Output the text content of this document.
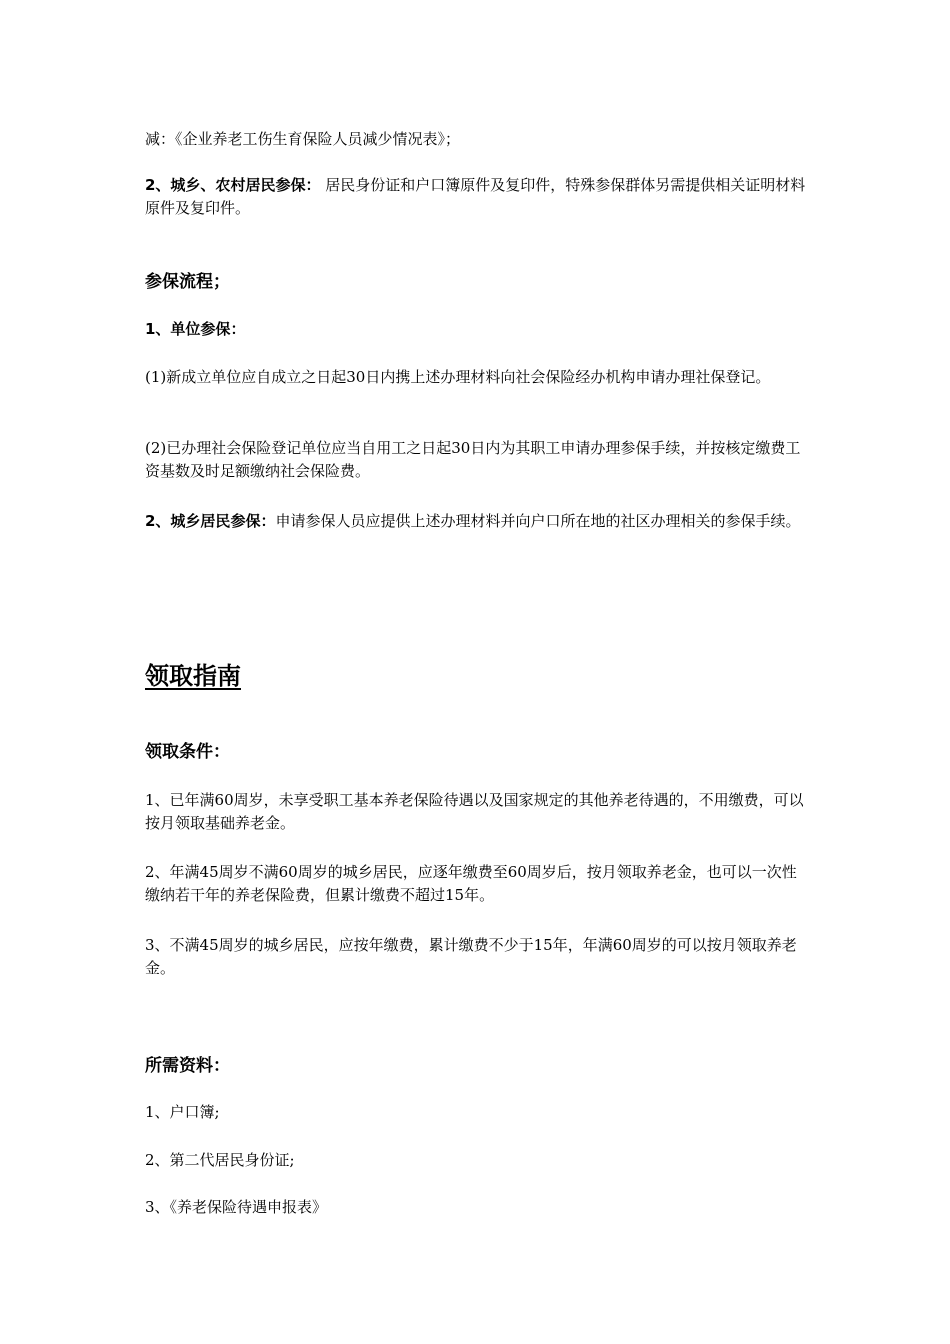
减：《企业养老工伤生育保险人员减少情况表》；

2、城乡、农村居民参保： 居民身份证和户口簿原件及复印件，特殊参保群体另需提供相关证明材料原件及复印件。

参保流程；

1、单位参保：

(1)新成立单位应自成立之日起30日内携上述办理材料向社会保险经办机构申请办理社保登记。

(2)已办理社会保险登记单位应当自用工之日起30日内为其职工申请办理参保手续，并按核定缴费工资基数及时足额缴纳社会保险费。

2、城乡居民参保：申请参保人员应提供上述办理材料并向户口所在地的社区办理相关的参保手续。

领取指南
领取条件：

1、已年满60周岁，未享受职工基本养老保险待遇以及国家规定的其他养老待遇的，不用缴费，可以按月领取基础养老金。

2、年满45周岁不满60周岁的城乡居民，应逐年缴费至60周岁后，按月领取养老金，也可以一次性缴纳若干年的养老保险费，但累计缴费不超过15年。

3、不满45周岁的城乡居民，应按年缴费，累计缴费不少于15年，年满60周岁的可以按月领取养老金。

所需资料：

1、户口簿;

2、第二代居民身份证;

3、《养老保险待遇申报表》
